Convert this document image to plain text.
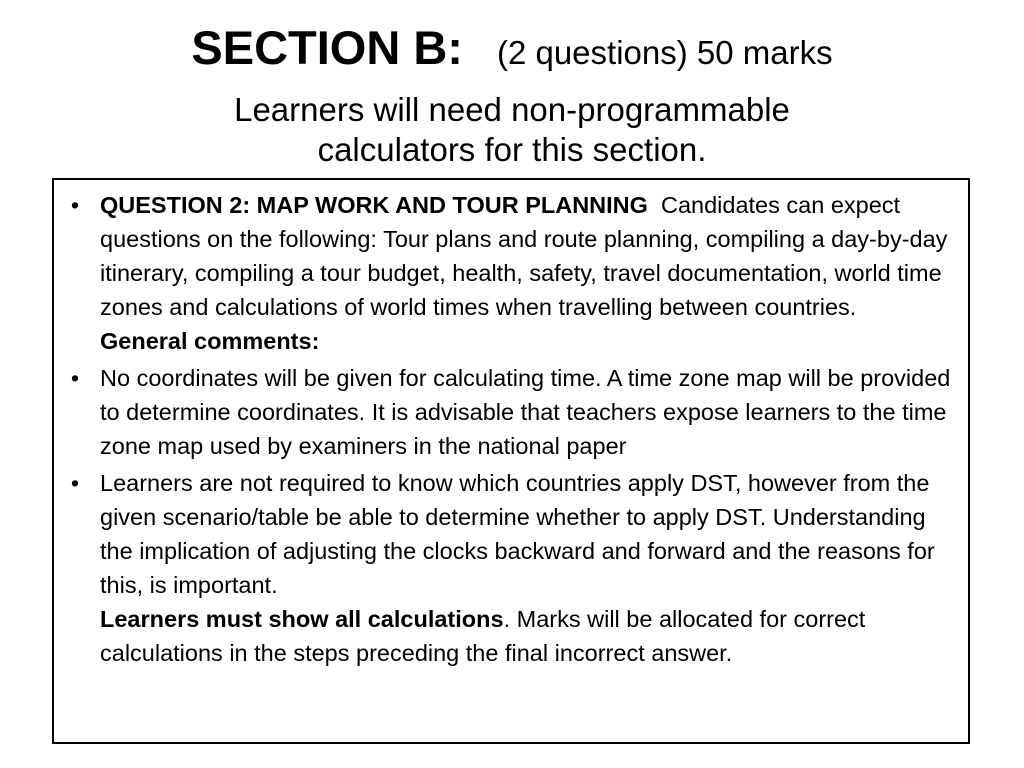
SECTION B: (2 questions) 50 marks
Learners will need non-programmable
calculators for this section.
• QUESTION 2: MAP WORK AND TOUR PLANNING Candidates can expect questions on the following: Tour plans and route planning, compiling a day-by-day itinerary, compiling a tour budget, health, safety, travel documentation, world time zones and calculations of world times when travelling between countries.
General comments:
• No coordinates will be given for calculating time. A time zone map will be provided to determine coordinates. It is advisable that teachers expose learners to the time zone map used by examiners in the national paper
• Learners are not required to know which countries apply DST, however from the given scenario/table be able to determine whether to apply DST. Understanding the implication of adjusting the clocks backward and forward and the reasons for this, is important.
Learners must show all calculations. Marks will be allocated for correct calculations in the steps preceding the final incorrect answer.
